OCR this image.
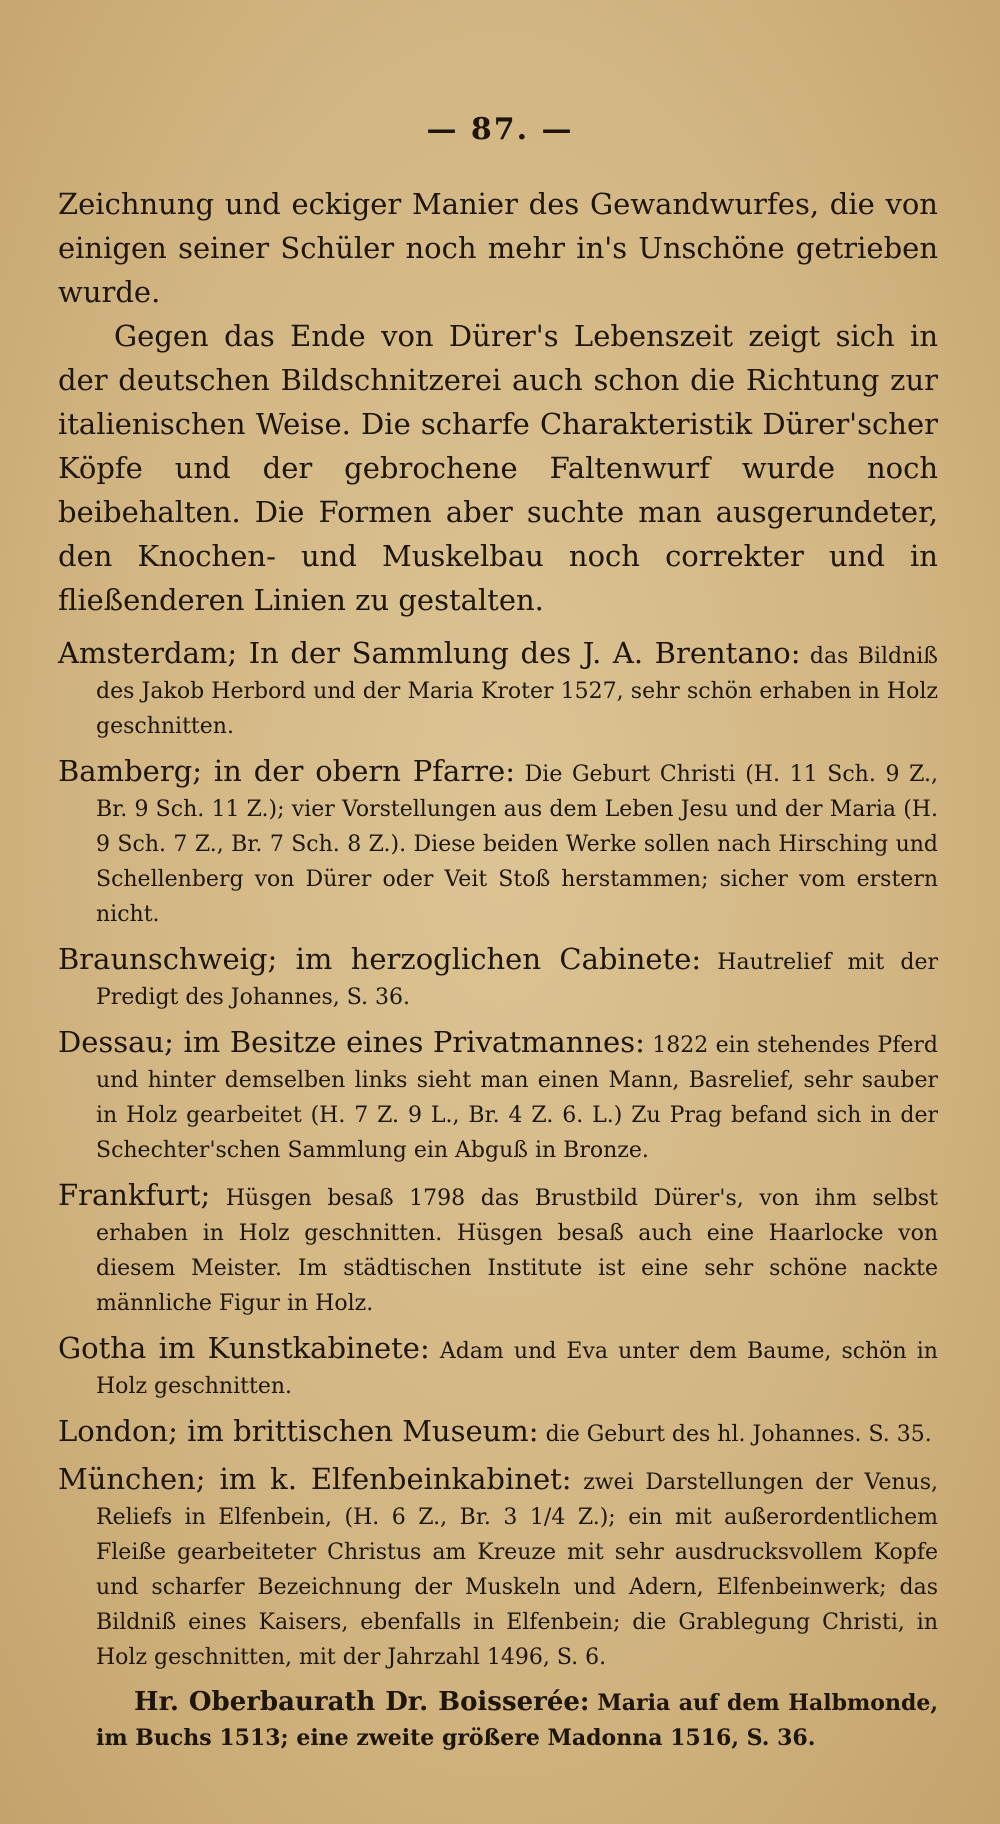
— 87. —

Zeichnung und eckiger Manier des Gewandwurfes, die von einigen seiner Schüler noch mehr in's Unschöne getrieben wurde.

Gegen das Ende von Dürer's Lebenszeit zeigt sich in der deutschen Bildschnitzerei auch schon die Richtung zur italienischen Weise. Die scharfe Charakteristik Dürer'scher Köpfe und der gebrochene Faltenwurf wurde noch beibehalten. Die Formen aber suchte man ausgerundeter, den Knochen- und Muskelbau noch correkter und in fließenderen Linien zu gestalten.

Amsterdam; In der Sammlung des J. A. Brentano: das Bildniß des Jakob Herbord und der Maria Kroter 1527, sehr schön erhaben in Holz geschnitten.

Bamberg; in der obern Pfarre: Die Geburt Christi (H. 11 Sch. 9 Z., Br. 9 Sch. 11 Z.); vier Vorstellungen aus dem Leben Jesu und der Maria (H. 9 Sch. 7 Z., Br. 7 Sch. 8 Z.). Diese beiden Werke sollen nach Hirsching und Schellenberg von Dürer oder Veit Stoß herstammen; sicher vom erstern nicht.

Braunschweig; im herzoglichen Cabinete: Hautrelief mit der Predigt des Johannes, S. 36.

Dessau; im Besitze eines Privatmannes: 1822 ein stehendes Pferd und hinter demselben links sieht man einen Mann, Basrelief, sehr sauber in Holz gearbeitet (H. 7 Z. 9 L., Br. 4 Z. 6. L.) Zu Prag befand sich in der Schechter'schen Sammlung ein Abguß in Bronze.

Frankfurt; Hüsgen besaß 1798 das Brustbild Dürer's, von ihm selbst erhaben in Holz geschnitten. Hüsgen besaß auch eine Haarlocke von diesem Meister. Im städtischen Institute ist eine sehr schöne nackte männliche Figur in Holz.

Gotha im Kunstkabinete: Adam und Eva unter dem Baume, schön in Holz geschnitten.

London; im brittischen Museum: die Geburt des hl. Johannes. S. 35.

München; im k. Elfenbeinkabinet: zwei Darstellungen der Venus, Reliefs in Elfenbein, (H. 6 Z., Br. 3 1/4 Z.); ein mit außerordentlichem Fleiße gearbeiteter Christus am Kreuze mit sehr ausdrucksvollem Kopfe und scharfer Bezeichnung der Muskeln und Adern, Elfenbeinwerk; das Bildniß eines Kaisers, ebenfalls in Elfenbein; die Grablegung Christi, in Holz geschnitten, mit der Jahrzahl 1496, S. 6.

Hr. Oberbaurath Dr. Boisserée: Maria auf dem Halbmonde, im Buchs 1513; eine zweite größere Madonna 1516, S. 36.
